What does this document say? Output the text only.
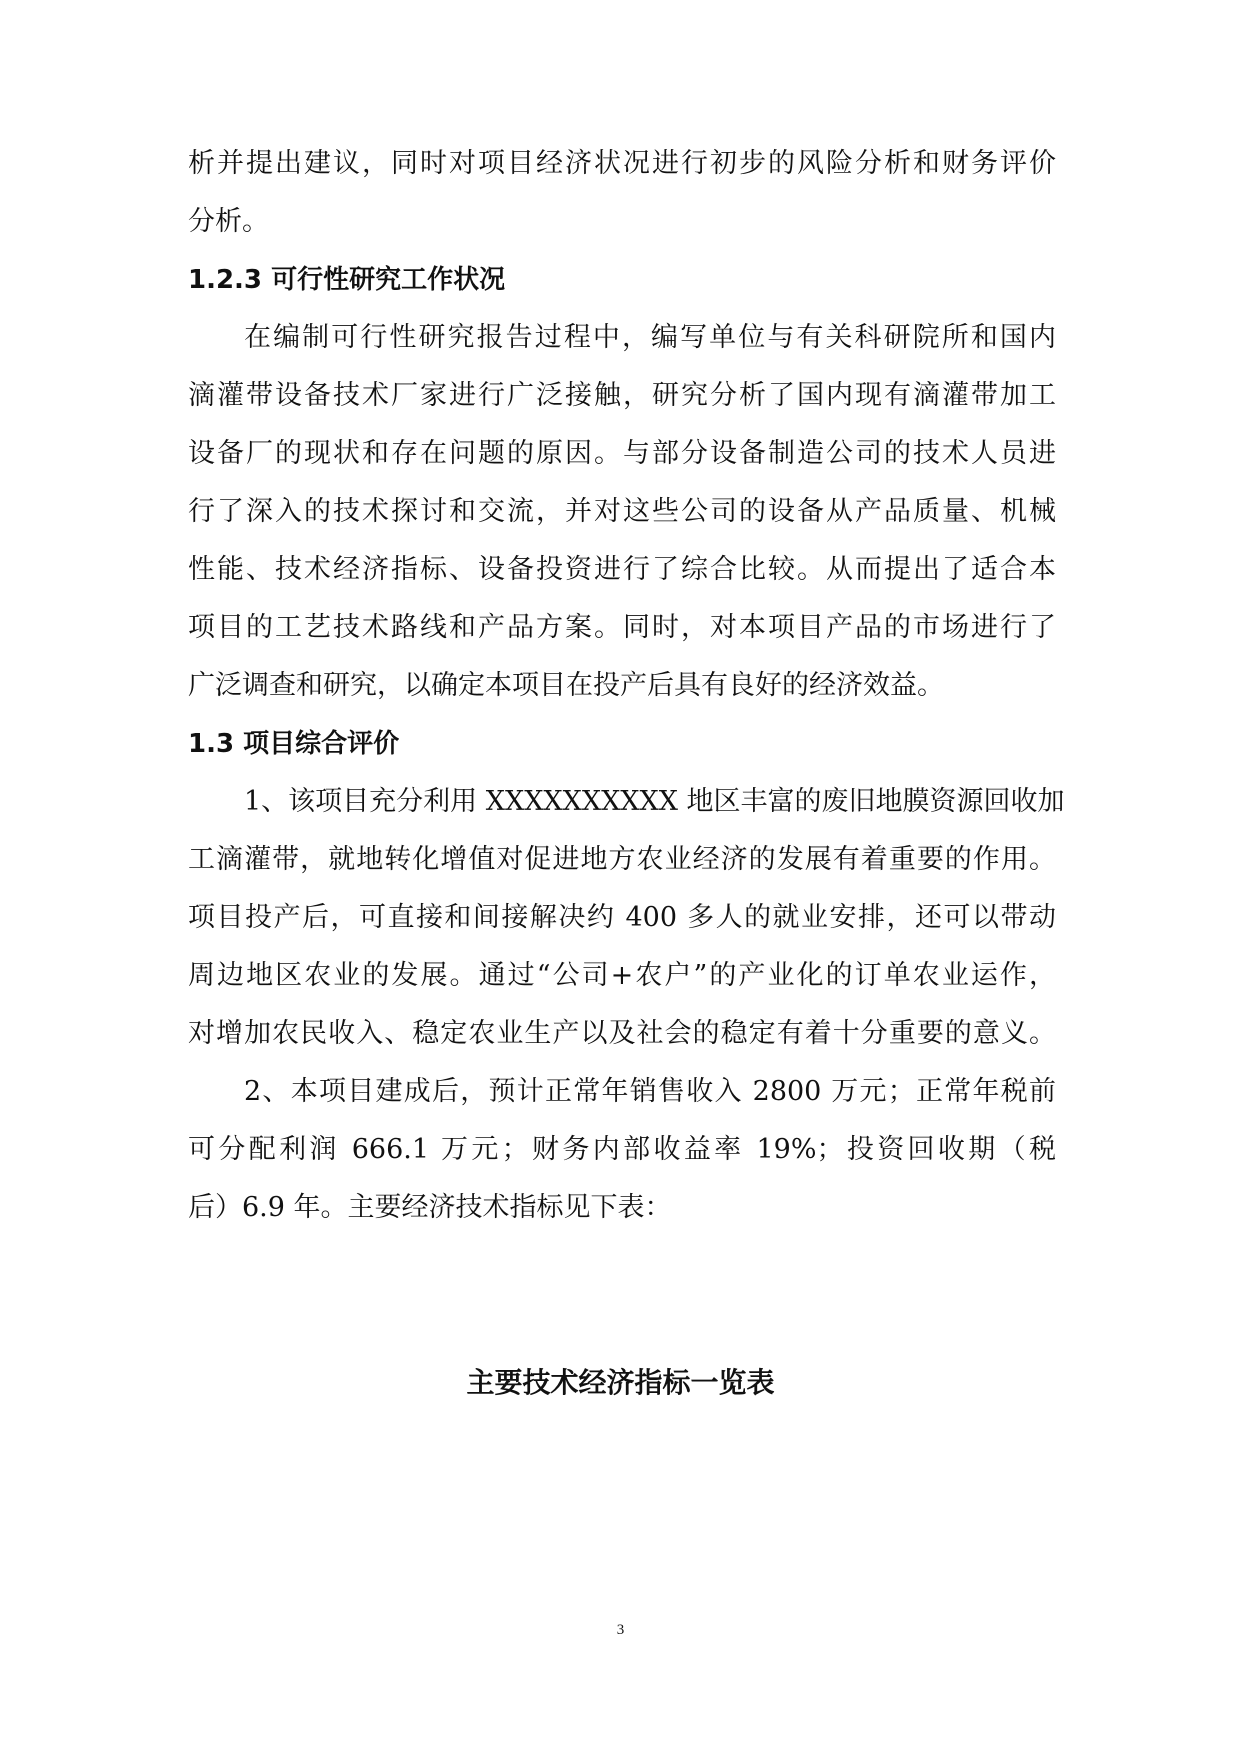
析并提出建议，同时对项目经济状况进行初步的风险分析和财务评价
分析。
1.2.3 可行性研究工作状况
在编制可行性研究报告过程中，编写单位与有关科研院所和国内
滴灌带设备技术厂家进行广泛接触，研究分析了国内现有滴灌带加工
设备厂的现状和存在问题的原因。与部分设备制造公司的技术人员进
行了深入的技术探讨和交流，并对这些公司的设备从产品质量、机械
性能、技术经济指标、设备投资进行了综合比较。从而提出了适合本
项目的工艺技术路线和产品方案。同时，对本项目产品的市场进行了
广泛调查和研究，以确定本项目在投产后具有良好的经济效益。
1.3 项目综合评价
1、该项目充分利用 XXXXXXXXXX 地区丰富的废旧地膜资源回收加
工滴灌带，就地转化增值对促进地方农业经济的发展有着重要的作用。
项目投产后，可直接和间接解决约 400 多人的就业安排，还可以带动
周边地区农业的发展。通过“公司+农户”的产业化的订单农业运作，
对增加农民收入、稳定农业生产以及社会的稳定有着十分重要的意义。
2、本项目建成后，预计正常年销售收入 2800 万元；正常年税前
可分配利润 666.1 万元；财务内部收益率 19%；投资回收期（税
后）6.9 年。主要经济技术指标见下表：
主要技术经济指标一览表
3
